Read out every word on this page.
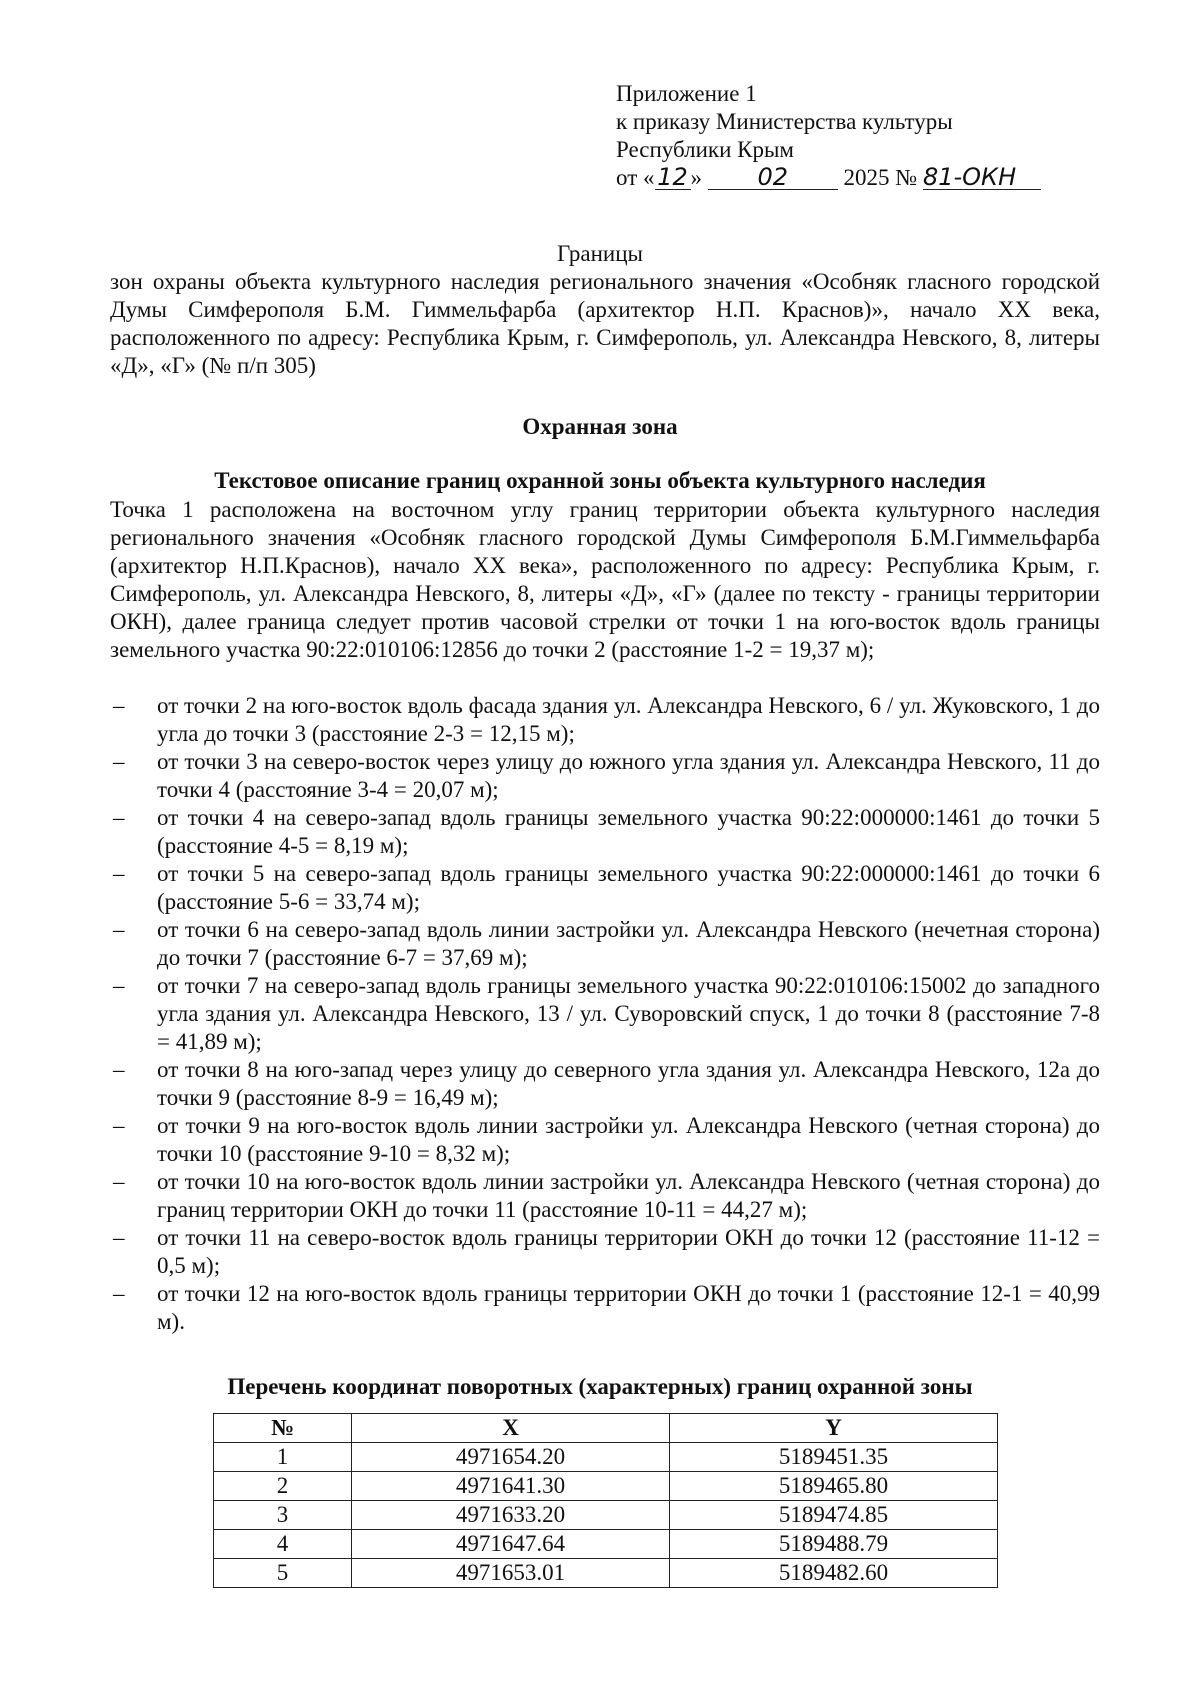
Приложение 1
к приказу Министерства культуры
Республики Крым
от « 12 » 02 2025 № 81-ОКН
Границы
зон охраны объекта культурного наследия регионального значения «Особняк гласного городской Думы Симферополя Б.М. Гиммельфарба (архитектор Н.П. Краснов)», начало XX века, расположенного по адресу: Республика Крым, г. Симферополь, ул. Александра Невского, 8, литеры «Д», «Г» (№ п/п 305)
Охранная зона
Текстовое описание границ охранной зоны объекта культурного наследия
Точка 1 расположена на восточном углу границ территории объекта культурного наследия регионального значения «Особняк гласного городской Думы Симферополя Б.М.Гиммельфарба (архитектор Н.П.Краснов), начало XX века», расположенного по адресу: Республика Крым, г. Симферополь, ул. Александра Невского, 8, литеры «Д», «Г» (далее по тексту - границы территории ОКН), далее граница следует против часовой стрелки от точки 1 на юго-восток вдоль границы земельного участка 90:22:010106:12856 до точки 2 (расстояние 1-2 = 19,37 м);
– от точки 2 на юго-восток вдоль фасада здания ул. Александра Невского, 6 / ул. Жуковского, 1 до угла до точки 3 (расстояние 2-3 = 12,15 м);
– от точки 3 на северо-восток через улицу до южного угла здания ул. Александра Невского, 11 до точки 4 (расстояние 3-4 = 20,07 м);
– от точки 4 на северо-запад вдоль границы земельного участка 90:22:000000:1461 до точки 5 (расстояние 4-5 = 8,19 м);
– от точки 5 на северо-запад вдоль границы земельного участка 90:22:000000:1461 до точки 6 (расстояние 5-6 = 33,74 м);
– от точки 6 на северо-запад вдоль линии застройки ул. Александра Невского (нечетная сторона) до точки 7 (расстояние 6-7 = 37,69 м);
– от точки 7 на северо-запад вдоль границы земельного участка 90:22:010106:15002 до западного угла здания ул. Александра Невского, 13 / ул. Суворовский спуск, 1 до точки 8 (расстояние 7-8 = 41,89 м);
– от точки 8 на юго-запад через улицу до северного угла здания ул. Александра Невского, 12а до точки 9 (расстояние 8-9 = 16,49 м);
– от точки 9 на юго-восток вдоль линии застройки ул. Александра Невского (четная сторона) до точки 10 (расстояние 9-10 = 8,32 м);
– от точки 10 на юго-восток вдоль линии застройки ул. Александра Невского (четная сторона) до границ территории ОКН до точки 11 (расстояние 10-11 = 44,27 м);
– от точки 11 на северо-восток вдоль границы территории ОКН до точки 12 (расстояние 11-12 = 0,5 м);
– от точки 12 на юго-восток вдоль границы территории ОКН до точки 1 (расстояние 12-1 = 40,99 м).
Перечень координат поворотных (характерных) границ охранной зоны
№	X	Y
1	4971654.20	5189451.35
2	4971641.30	5189465.80
3	4971633.20	5189474.85
4	4971647.64	5189488.79
5	4971653.01	5189482.60
